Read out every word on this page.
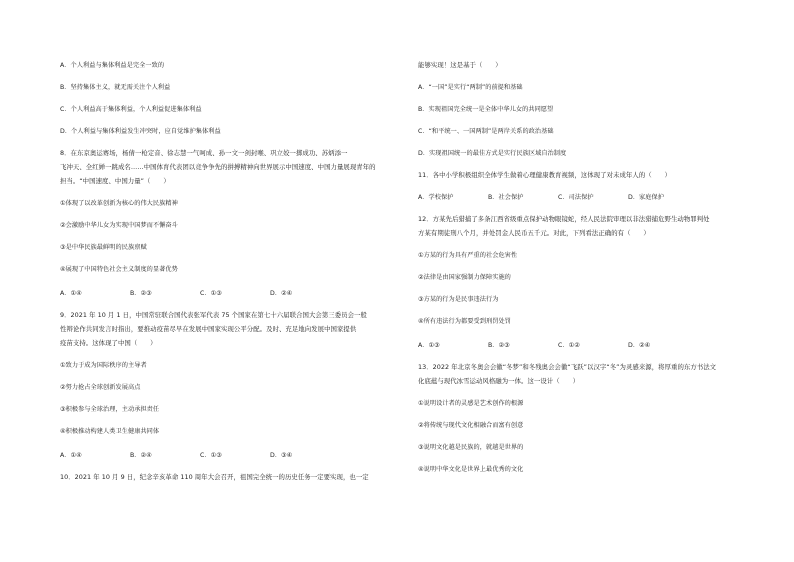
A．个人利益与集体利益是完全一致的
B．坚持集体主义，就无需关注个人利益
C．个人利益高于集体利益，个人利益促进集体利益
D．个人利益与集体利益发生冲突时，应自觉维护集体利益
8．在东京奥运赛场，杨倩一枪定音、徐志慧一气呵成、孙一文一剑封喉、巩立姣一掷成功、苏炳添一
飞冲天、全红婵一跳成名……中国体育代表团以竞争争先的拼搏精神向世界展示中国速度、中国力量展现青年的
担当。“中国速度、中国力量”（　　）
①体现了以改革创新为核心的伟大民族精神
②会激励中华儿女为实现中国梦而不懈奋斗
③是中华民族最鲜明的民族禀赋
④展现了中国特色社会主义制度的显著优势
A．①④	B．②③	C．①③	D．②④
9．2021 年 10 月 1 日，中国常驻联合国代表张军代表 75 个国家在第七十六届联合国大会第三委员会一般
性辩论作共同发言时指出，要推动疫苗尽早在发展中国家实现公平分配。及时、充足地向发展中国家提供
疫苗支持。这体现了中国（　　）
①致力于成为国际秩序的主导者
②努力抢占全球创新发展高点
③积极参与全球治理，主动承担责任
④积极推动构建人类卫生健康共同体
A．①④	B．②④	C．①③	D．③④
10．2021 年 10 月 9 日，纪念辛亥革命 110 周年大会召开，祖国完全统一的历史任务一定要实现，也一定
能够实现！这是基于（　　）
A．“一国”是实行“两制”的前提和基础
B．实现祖国完全统一是全体中华儿女的共同愿望
C．“和平统一、一国两制”是两岸关系的政治基础
D．实现祖国统一的最佳方式是实行民族区域自治制度
11．各中小学积极组织全体学生做着心理健康教育视频，这体现了对未成年人的（　　）
A．学校保护	B．社会保护	C．司法保护	D．家庭保护
12．方某先后猎捕了多条江西省级重点保护动物眼镜蛇，经人民法院审理以非法猎捕危野生动物罪判处
方某有期徒刑八个月，并处罚金人民币五千元。对此，下列看法正确的有（　　）
①方某的行为具有严重的社会危害性
②法律是由国家强制力保障实施的
③方某的行为是民事违法行为
④所有违法行为都要受到刑罚处罚
A．①③	B．②③	C．①②	D．②④
13．2022 年北京冬奥会会徽“冬梦”和冬残奥会会徽“飞跃”以汉字“冬”为灵感来源，将厚重的东方书法文
化底蕴与现代冰雪运动风格融为一体。这一设计（　　）
①说明设计者的灵感是艺术创作的根源
②将传统与现代文化相融合而富有创意
③说明文化越是民族的，就越是世界的
④说明中华文化是世界上最优秀的文化
